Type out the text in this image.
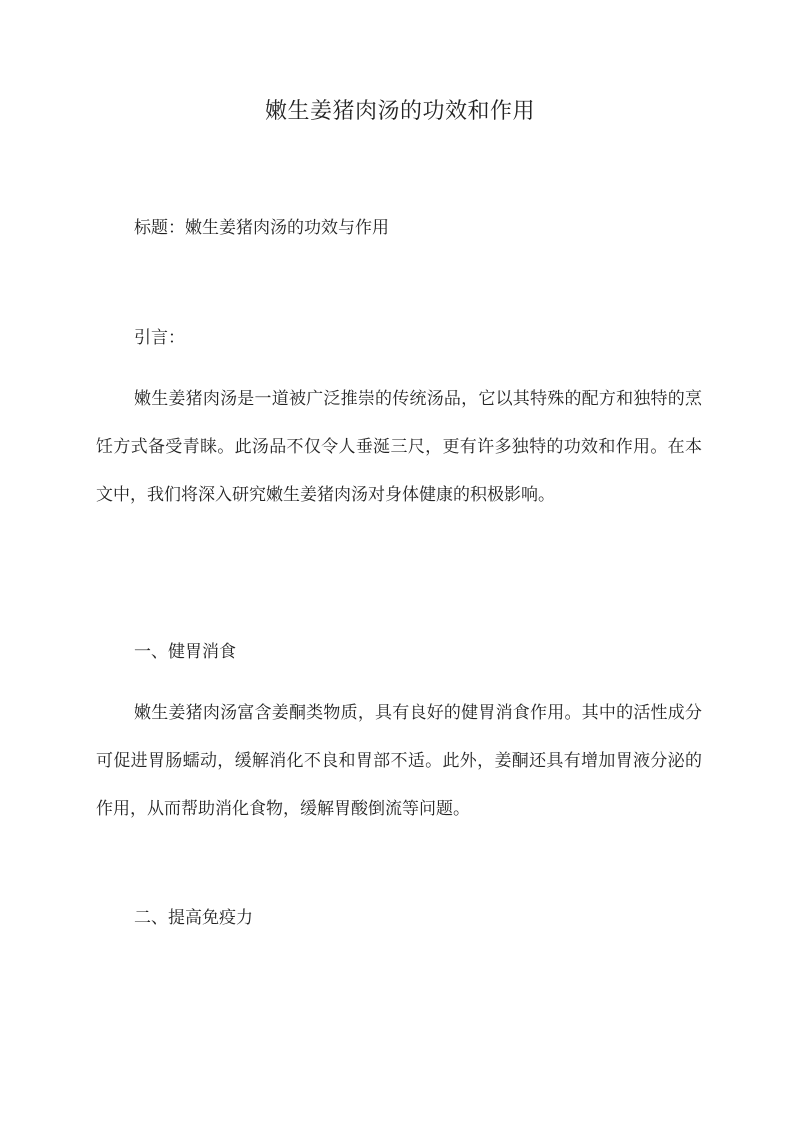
嫩生姜猪肉汤的功效和作用

标题：嫩生姜猪肉汤的功效与作用

引言：

嫩生姜猪肉汤是一道被广泛推崇的传统汤品，它以其特殊的配方和独特的烹饪方式备受青睐。此汤品不仅令人垂涎三尺，更有许多独特的功效和作用。在本文中，我们将深入研究嫩生姜猪肉汤对身体健康的积极影响。

一、健胃消食

嫩生姜猪肉汤富含姜酮类物质，具有良好的健胃消食作用。其中的活性成分可促进胃肠蠕动，缓解消化不良和胃部不适。此外，姜酮还具有增加胃液分泌的作用，从而帮助消化食物，缓解胃酸倒流等问题。

二、提高免疫力
